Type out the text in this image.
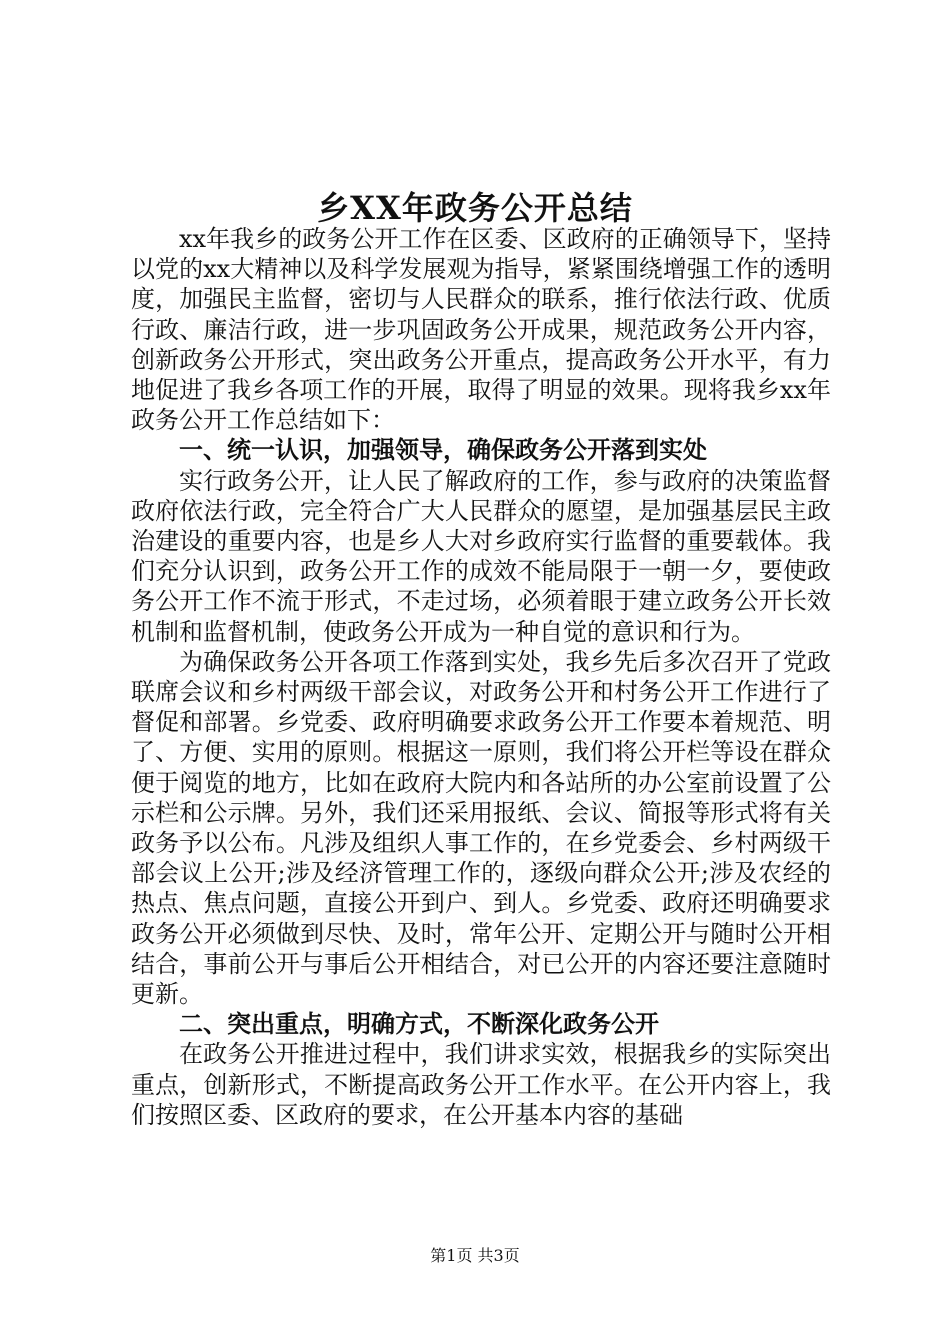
乡XX年政务公开总结

xx年我乡的政务公开工作在区委、区政府的正确领导下，坚持以党的xx大精神以及科学发展观为指导，紧紧围绕增强工作的透明度，加强民主监督，密切与人民群众的联系，推行依法行政、优质行政、廉洁行政，进一步巩固政务公开成果，规范政务公开内容，创新政务公开形式，突出政务公开重点，提高政务公开水平，有力地促进了我乡各项工作的开展，取得了明显的效果。现将我乡xx年政务公开工作总结如下：

一、统一认识，加强领导，确保政务公开落到实处

实行政务公开，让人民了解政府的工作，参与政府的决策监督政府依法行政，完全符合广大人民群众的愿望，是加强基层民主政治建设的重要内容，也是乡人大对乡政府实行监督的重要载体。我们充分认识到，政务公开工作的成效不能局限于一朝一夕，要使政务公开工作不流于形式，不走过场，必须着眼于建立政务公开长效机制和监督机制，使政务公开成为一种自觉的意识和行为。

为确保政务公开各项工作落到实处，我乡先后多次召开了党政联席会议和乡村两级干部会议，对政务公开和村务公开工作进行了督促和部署。乡党委、政府明确要求政务公开工作要本着规范、明了、方便、实用的原则。根据这一原则，我们将公开栏等设在群众便于阅览的地方，比如在政府大院内和各站所的办公室前设置了公示栏和公示牌。另外，我们还采用报纸、会议、简报等形式将有关政务予以公布。凡涉及组织人事工作的，在乡党委会、乡村两级干部会议上公开;涉及经济管理工作的，逐级向群众公开;涉及农经的热点、焦点问题，直接公开到户、到人。乡党委、政府还明确要求政务公开必须做到尽快、及时，常年公开、定期公开与随时公开相结合，事前公开与事后公开相结合，对已公开的内容还要注意随时更新。

二、突出重点，明确方式，不断深化政务公开

在政务公开推进过程中，我们讲求实效，根据我乡的实际突出重点，创新形式，不断提高政务公开工作水平。在公开内容上，我们按照区委、区政府的要求，在公开基本内容的基础

第1页 共3页
